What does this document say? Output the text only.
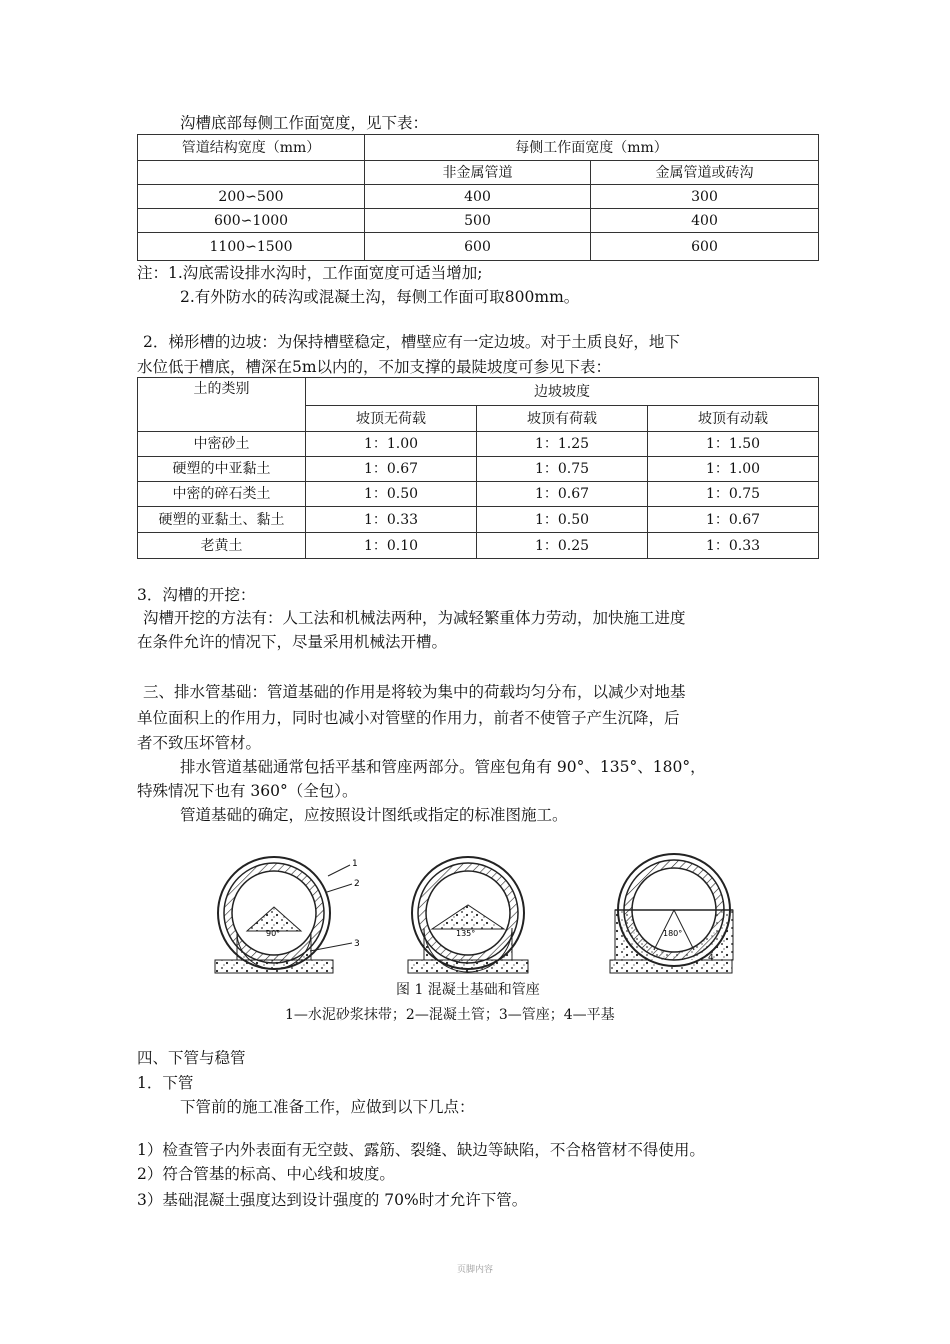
沟槽底部每侧工作面宽度，见下表：
管道结构宽度（mm）	每侧工作面宽度（mm）	
	非金属管道	金属管道或砖沟
200∽500	400	300
600∽1000	500	400
1100∽1500	600	600
注：1.沟底需设排水沟时，工作面宽度可适当增加;
2.有外防水的砖沟或混凝土沟，每侧工作面可取800mm。
2．梯形槽的边坡：为保持槽壁稳定，槽壁应有一定边坡。对于土质良好，地下
水位低于槽底，槽深在5m以内的，不加支撑的最陡坡度可参见下表：
土的类别	边坡坡度		
	坡顶无荷载	坡顶有荷载	坡顶有动载
中密砂土	1：1.00	1：1.25	1：1.50
硬塑的中亚黏土	1：0.67	1：0.75	1：1.00
中密的碎石类土	1：0.50	1：0.67	1：0.75
硬塑的亚黏土、黏土	1：0.33	1：0.50	1：0.67
老黄土	1：0.10	1：0.25	1：0.33
3．沟槽的开挖：
沟槽开挖的方法有：人工法和机械法两种，为减轻繁重体力劳动，加快施工进度
在条件允许的情况下，尽量采用机械法开槽。
三、排水管基础：管道基础的作用是将较为集中的荷载均匀分布，以减少对地基
单位面积上的作用力，同时也减小对管壁的作用力，前者不使管子产生沉降，后
者不致压坏管材。
排水管道基础通常包括平基和管座两部分。管座包角有 90°、135°、180°，
特殊情况下也有 360°（全包）。
管道基础的确定，应按照设计图纸或指定的标准图施工。
90°
1
2
3
135°	180°
4
图 1 混凝土基础和管座
1—水泥砂浆抹带；2—混凝土管；3—管座；4—平基
四、下管与稳管
1．下管
下管前的施工准备工作，应做到以下几点：
1）检查管子内外表面有无空鼓、露筋、裂缝、缺边等缺陷，不合格管材不得使用。
2）符合管基的标高、中心线和坡度。
3）基础混凝土强度达到设计强度的 70%时才允许下管。
页脚内容
